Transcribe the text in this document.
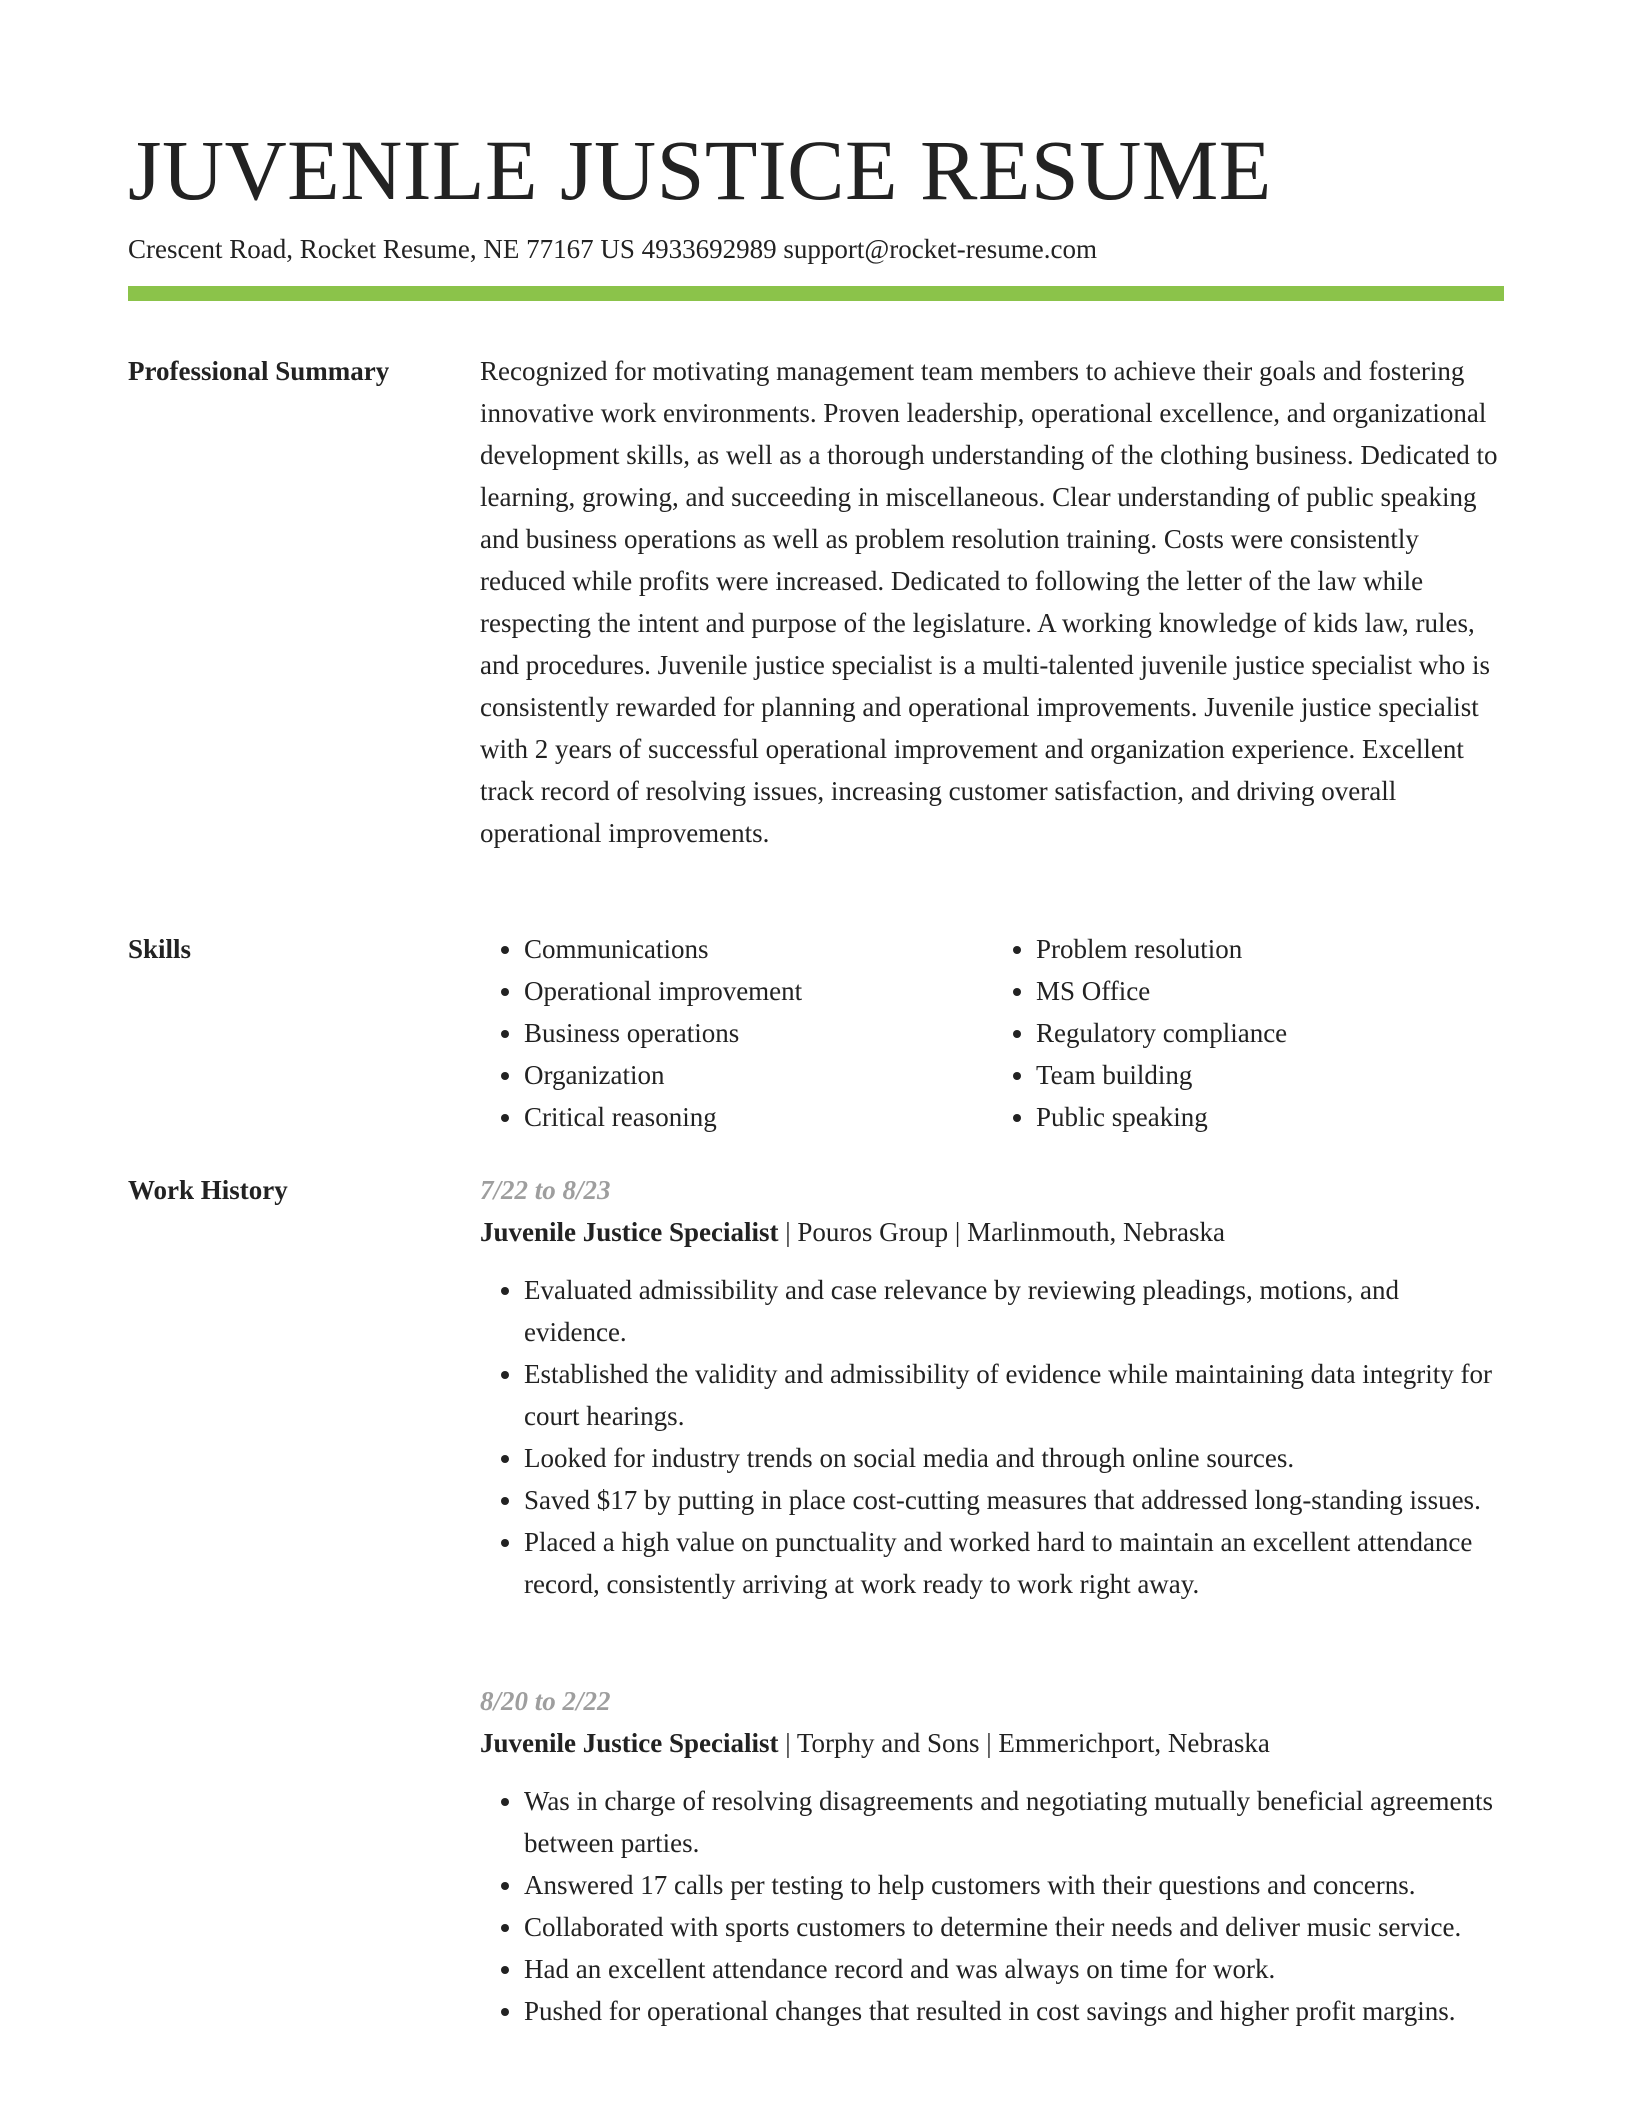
JUVENILE JUSTICE RESUME
Crescent Road, Rocket Resume, NE 77167 US 4933692989 support@rocket-resume.com
Professional Summary	Recognized for motivating management team members to achieve their goals and fostering innovative work environments. Proven leadership, operational excellence, and organizational development skills, as well as a thorough understanding of the clothing business. Dedicated to learning, growing, and succeeding in miscellaneous. Clear understanding of public speaking and business operations as well as problem resolution training. Costs were consistently reduced while profits were increased. Dedicated to following the letter of the law while respecting the intent and purpose of the legislature. A working knowledge of kids law, rules, and procedures. Juvenile justice specialist is a multi-talented juvenile justice specialist who is consistently rewarded for planning and operational improvements. Juvenile justice specialist with 2 years of successful operational improvement and organization experience. Excellent track record of resolving issues, increasing customer satisfaction, and driving overall operational improvements.

Skills
•	Communications
• Operational improvement
• Business operations
• Organization
• Critical reasoning
• Problem resolution
• MS Office
• Regulatory compliance
• Team building
• Public speaking
Work History	7/22 to 8/23
Juvenile Justice Specialist | Pouros Group | Marlinmouth, Nebraska
• Evaluated admissibility and case relevance by reviewing pleadings, motions, and evidence.
• Established the validity and admissibility of evidence while maintaining data integrity for court hearings.
• Looked for industry trends on social media and through online sources.
• Saved $17 by putting in place cost-cutting measures that addressed long-standing issues.
• Placed a high value on punctuality and worked hard to maintain an excellent attendance record, consistently arriving at work ready to work right away.
8/20 to 2/22
Juvenile Justice Specialist | Torphy and Sons | Emmerichport, Nebraska
• Was in charge of resolving disagreements and negotiating mutually beneficial agreements between parties.
• Answered 17 calls per testing to help customers with their questions and concerns.
• Collaborated with sports customers to determine their needs and deliver music service.
• Had an excellent attendance record and was always on time for work.
• Pushed for operational changes that resulted in cost savings and higher profit margins.
